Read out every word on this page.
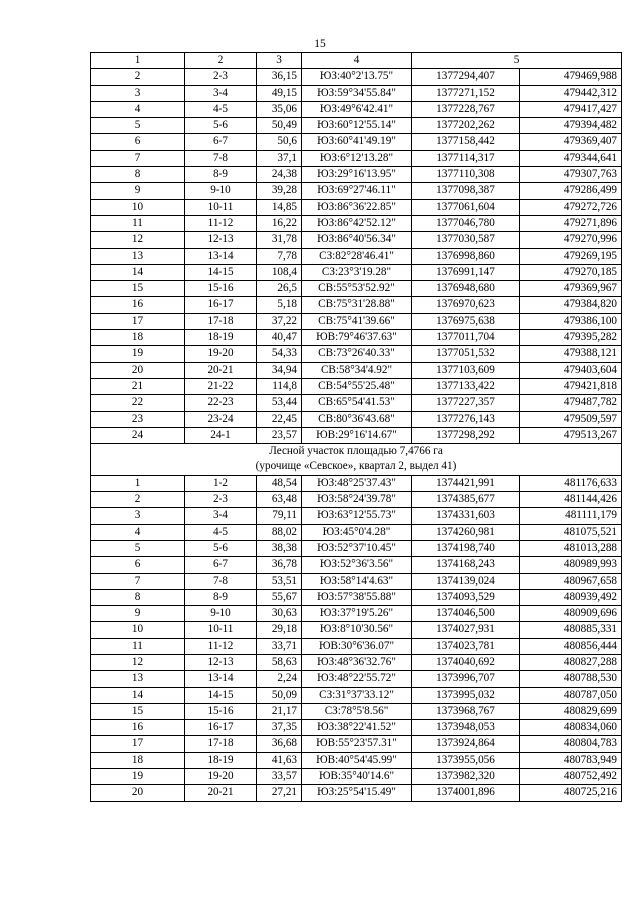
15
1	2	3	4	5	
2	2-3	36,15	ЮЗ:40°2'13.75"	1377294,407	479469,988
3	3-4	49,15	ЮЗ:59°34'55.84"	1377271,152	479442,312
4	4-5	35,06	ЮЗ:49°6'42.41"	1377228,767	479417,427
5	5-6	50,49	ЮЗ:60°12'55.14"	1377202,262	479394,482
6	6-7	50,6	ЮЗ:60°41'49.19"	1377158,442	479369,407
7	7-8	37,1	ЮЗ:6°12'13.28"	1377114,317	479344,641
8	8-9	24,38	ЮЗ:29°16'13.95"	1377110,308	479307,763
9	9-10	39,28	ЮЗ:69°27'46.11"	1377098,387	479286,499
10	10-11	14,85	ЮЗ:86°36'22.85"	1377061,604	479272,726
11	11-12	16,22	ЮЗ:86°42'52.12"	1377046,780	479271,896
12	12-13	31,78	ЮЗ:86°40'56.34"	1377030,587	479270,996
13	13-14	7,78	СЗ:82°28'46.41"	1376998,860	479269,195
14	14-15	108,4	СЗ:23°3'19.28"	1376991,147	479270,185
15	15-16	26,5	СВ:55°53'52.92"	1376948,680	479369,967
16	16-17	5,18	СВ:75°31'28.88"	1376970,623	479384,820
17	17-18	37,22	СВ:75°41'39.66"	1376975,638	479386,100
18	18-19	40,47	ЮВ:79°46'37.63"	1377011,704	479395,282
19	19-20	54,33	СВ:73°26'40.33"	1377051,532	479388,121
20	20-21	34,94	СВ:58°34'4.92"	1377103,609	479403,604
21	21-22	114,8	СВ:54°55'25.48"	1377133,422	479421,818
22	22-23	53,44	СВ:65°54'41.53"	1377227,357	479487,782
23	23-24	22,45	СВ:80°36'43.68"	1377276,143	479509,597
24	24-1	23,57	ЮВ:29°16'14.67"	1377298,292	479513,267

Лесной участок площадью 7,4766 га
(урочище «Севское», квартал 2, выдел 41)					

1	1-2	48,54	ЮЗ:48°25'37.43"	1374421,991	481176,633
2	2-3	63,48	ЮЗ:58°24'39.78"	1374385,677	481144,426
3	3-4	79,11	ЮЗ:63°12'55.73"	1374331,603	481111,179
4	4-5	88,02	ЮЗ:45°0'4.28"	1374260,981	481075,521
5	5-6	38,38	ЮЗ:52°37'10.45"	1374198,740	481013,288
6	6-7	36,78	ЮЗ:52°36'3.56"	1374168,243	480989,993
7	7-8	53,51	ЮЗ:58°14'4.63"	1374139,024	480967,658
8	8-9	55,67	ЮЗ:57°38'55.88"	1374093,529	480939,492
9	9-10	30,63	ЮЗ:37°19'5.26"	1374046,500	480909,696
10	10-11	29,18	ЮЗ:8°10'30.56"	1374027,931	480885,331
11	11-12	33,71	ЮВ:30°6'36.07"	1374023,781	480856,444
12	12-13	58,63	ЮЗ:48°36'32.76"	1374040,692	480827,288
13	13-14	2,24	ЮЗ:48°22'55.72"	1373996,707	480788,530
14	14-15	50,09	СЗ:31°37'33.12"	1373995,032	480787,050
15	15-16	21,17	СЗ:78°5'8.56"	1373968,767	480829,699
16	16-17	37,35	ЮЗ:38°22'41.52"	1373948,053	480834,060
17	17-18	36,68	ЮВ:55°23'57.31"	1373924,864	480804,783
18	18-19	41,63	ЮВ:40°54'45.99"	1373955,056	480783,949
19	19-20	33,57	ЮВ:35°40'14.6"	1373982,320	480752,492
20	20-21	27,21	ЮЗ:25°54'15.49"	1374001,896	480725,216
